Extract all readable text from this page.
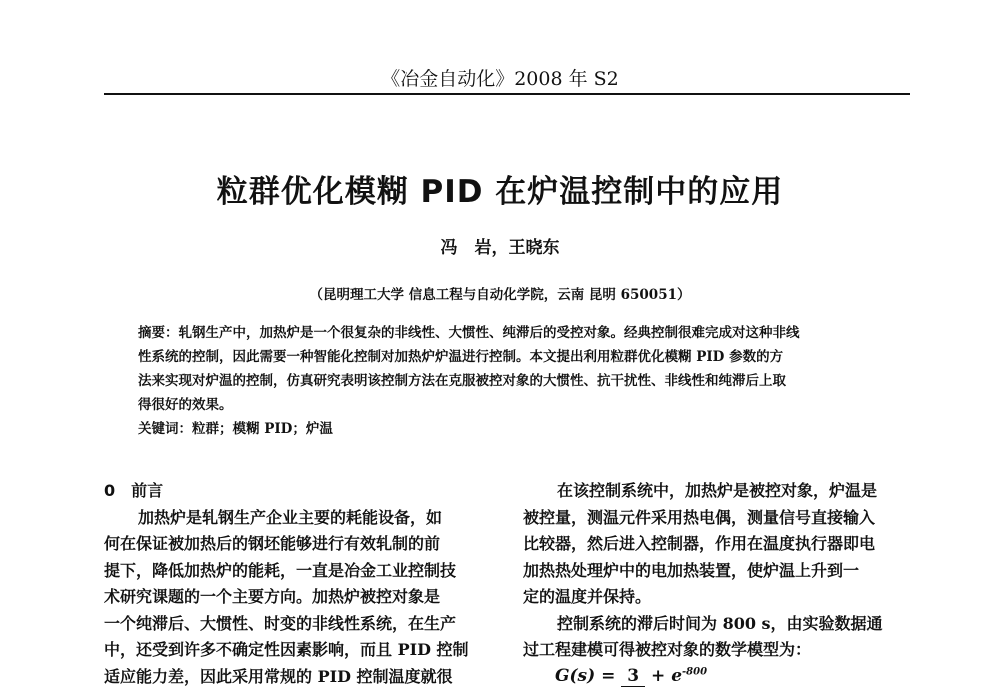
《冶金自动化》2008 年 S2
粒群优化模糊 PID 在炉温控制中的应用
冯　岩，王晓东
（昆明理工大学 信息工程与自动化学院，云南 昆明 650051）
摘要：轧钢生产中，加热炉是一个很复杂的非线性、大惯性、纯滞后的受控对象。经典控制很难完成对这种非线
性系统的控制，因此需要一种智能化控制对加热炉炉温进行控制。本文提出利用粒群优化模糊 PID 参数的方
法来实现对炉温的控制，仿真研究表明该控制方法在克服被控对象的大惯性、抗干扰性、非线性和纯滞后上取
得很好的效果。
关键词：粒群；模糊 PID；炉温
0　前言
加热炉是轧钢生产企业主要的耗能设备，如
何在保证被加热后的钢坯能够进行有效轧制的前
提下，降低加热炉的能耗，一直是冶金工业控制技
术研究课题的一个主要方向。加热炉被控对象是
一个纯滞后、大惯性、时变的非线性系统，在生产
中，还受到许多不确定性因素影响，而且 PID 控制
适应能力差，因此采用常规的 PID 控制温度就很
在该控制系统中，加热炉是被控对象，炉温是
被控量，测温元件采用热电偶，测量信号直接输入
比较器，然后进入控制器，作用在温度执行器即电
加热热处理炉中的电加热装置，使炉温上升到一
定的温度并保持。
控制系统的滞后时间为 800 s，由实验数据通
过工程建模可得被控对象的数学模型为：
$G(s) = 3 + e^{-800}$
